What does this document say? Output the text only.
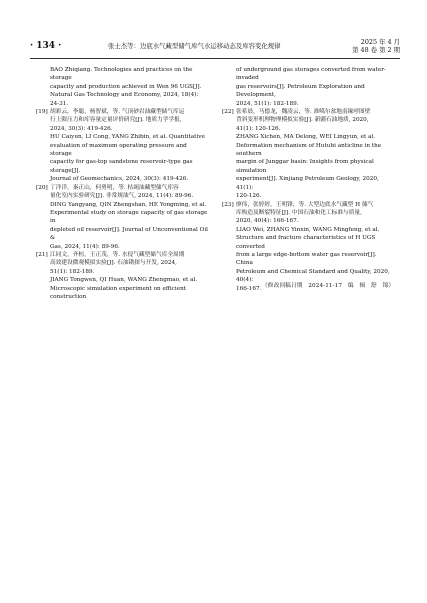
· 134 ·	张士杰等：边底水气藏型储气库气水运移动态及库容变化规律	2025 年 4 月
第 48 卷 第 2 期

BAO Zhiqiang. Technologies and practices on the storage

capacity and production achieved in Wen 96 UGS[J].

Natural Gas Technology and Economy, 2024, 18(4): 24-31.

[19] 胡彩云，李聪，杨智斌，等. 气顶砂岩油藏型储气库运

行上限压力和库容量定量评价研究[J]. 地质力学学报,

2024, 30(3): 419-426.

HU Caiyun, LI Cong, YANG Zhibin, et al. Quantitative

evaluation of maximum operating pressure and storage

capacity for gas-top sandstone reservoir-type gas storage[J].

Journal of Geomechanics, 2024, 30(3): 419-426.

[20] 丁洋洋，秦正山，何勇明，等. 枯竭油藏型储气库容

量化室内实验研究[J]. 非常规油气, 2024, 11(4): 89-96.

DING Yangyang, QIN Zhengshan, HE Yongming, et al.

Experimental study on storage capacity of gas storage in

depleted oil reservoir[J]. Journal of Unconventional Oil &

Gas, 2024, 11(4): 89-96.

[21] 江同文，齐桓，王正茂，等. 水侵气藏型储气库全周期

高效建设微观模拟实验[J]. 石油勘探与开发, 2024,

51(1): 182-189.

JIANG Tongwen, QI Huan, WANG Zhengmao, et al.

Microscopic simulation experiment on efficient construction

of underground gas storages converted from water-invaded

gas reservoirs[J]. Petroleum Exploration and Development,

2024, 51(1): 182-189.

[22] 张希晨，马德龙，魏凌云，等. 准噶尔盆地南缘呼图壁

背斜变形机理物理模拟实验[J]. 新疆石油地质, 2020,

41(1): 120-126.

ZHANG Xichen, MA Delong, WEI Lingyun, et al.

Deformation mechanism of Hutubi anticline in the southern

margin of Junggar basin: Insights from physical simulation

experiment[J]. Xinjiang Petroleum Geology, 2020, 41(1):

120-126.

[23] 廖伟，张婷婷，王明锋，等. 大型边底水气藏型 H 储气

库构造及断裂特征[J]. 中国石油和化工标准与质量,

2020, 40(4): 166-167.

LIAO Wei, ZHANG Yinxin, WANG Mingfeng, et al.

Structure and fracture characteristics of H UGS converted

from a large edge-bottom water gas reservoir[J]. China

Petroleum and Chemical Standard and Quality, 2020, 40(4):

166-167. （修改回稿日期　2024-11-17　编　辑　舒　锦）
